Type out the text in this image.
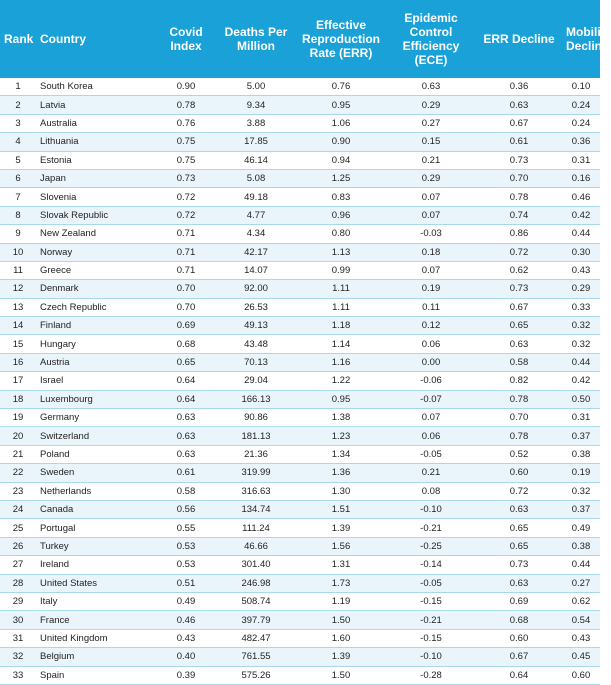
Rank	Country	Covid Index	Deaths Per Million	Effective Reproduction Rate (ERR)	Epidemic Control Efficiency (ECE)	ERR Decline	Mobility Decline
1	South Korea	0.90	5.00	0.76	0.63	0.36	0.10
2	Latvia	0.78	9.34	0.95	0.29	0.63	0.24
3	Australia	0.76	3.88	1.06	0.27	0.67	0.24
4	Lithuania	0.75	17.85	0.90	0.15	0.61	0.36
5	Estonia	0.75	46.14	0.94	0.21	0.73	0.31
6	Japan	0.73	5.08	1.25	0.29	0.70	0.16
7	Slovenia	0.72	49.18	0.83	0.07	0.78	0.46
8	Slovak Republic	0.72	4.77	0.96	0.07	0.74	0.42
9	New Zealand	0.71	4.34	0.80	-0.03	0.86	0.44
10	Norway	0.71	42.17	1.13	0.18	0.72	0.30
11	Greece	0.71	14.07	0.99	0.07	0.62	0.43
12	Denmark	0.70	92.00	1.11	0.19	0.73	0.29
13	Czech Republic	0.70	26.53	1.11	0.11	0.67	0.33
14	Finland	0.69	49.13	1.18	0.12	0.65	0.32
15	Hungary	0.68	43.48	1.14	0.06	0.63	0.32
16	Austria	0.65	70.13	1.16	0.00	0.58	0.44
17	Israel	0.64	29.04	1.22	-0.06	0.82	0.42
18	Luxembourg	0.64	166.13	0.95	-0.07	0.78	0.50
19	Germany	0.63	90.86	1.38	0.07	0.70	0.31
20	Switzerland	0.63	181.13	1.23	0.06	0.78	0.37
21	Poland	0.63	21.36	1.34	-0.05	0.52	0.38
22	Sweden	0.61	319.99	1.36	0.21	0.60	0.19
23	Netherlands	0.58	316.63	1.30	0.08	0.72	0.32
24	Canada	0.56	134.74	1.51	-0.10	0.63	0.37
25	Portugal	0.55	111.24	1.39	-0.21	0.65	0.49
26	Turkey	0.53	46.66	1.56	-0.25	0.65	0.38
27	Ireland	0.53	301.40	1.31	-0.14	0.73	0.44
28	United States	0.51	246.98	1.73	-0.05	0.63	0.27
29	Italy	0.49	508.74	1.19	-0.15	0.69	0.62
30	France	0.46	397.79	1.50	-0.21	0.68	0.54
31	United Kingdom	0.43	482.47	1.60	-0.15	0.60	0.43
32	Belgium	0.40	761.55	1.39	-0.10	0.67	0.45
33	Spain	0.39	575.26	1.50	-0.28	0.64	0.60
